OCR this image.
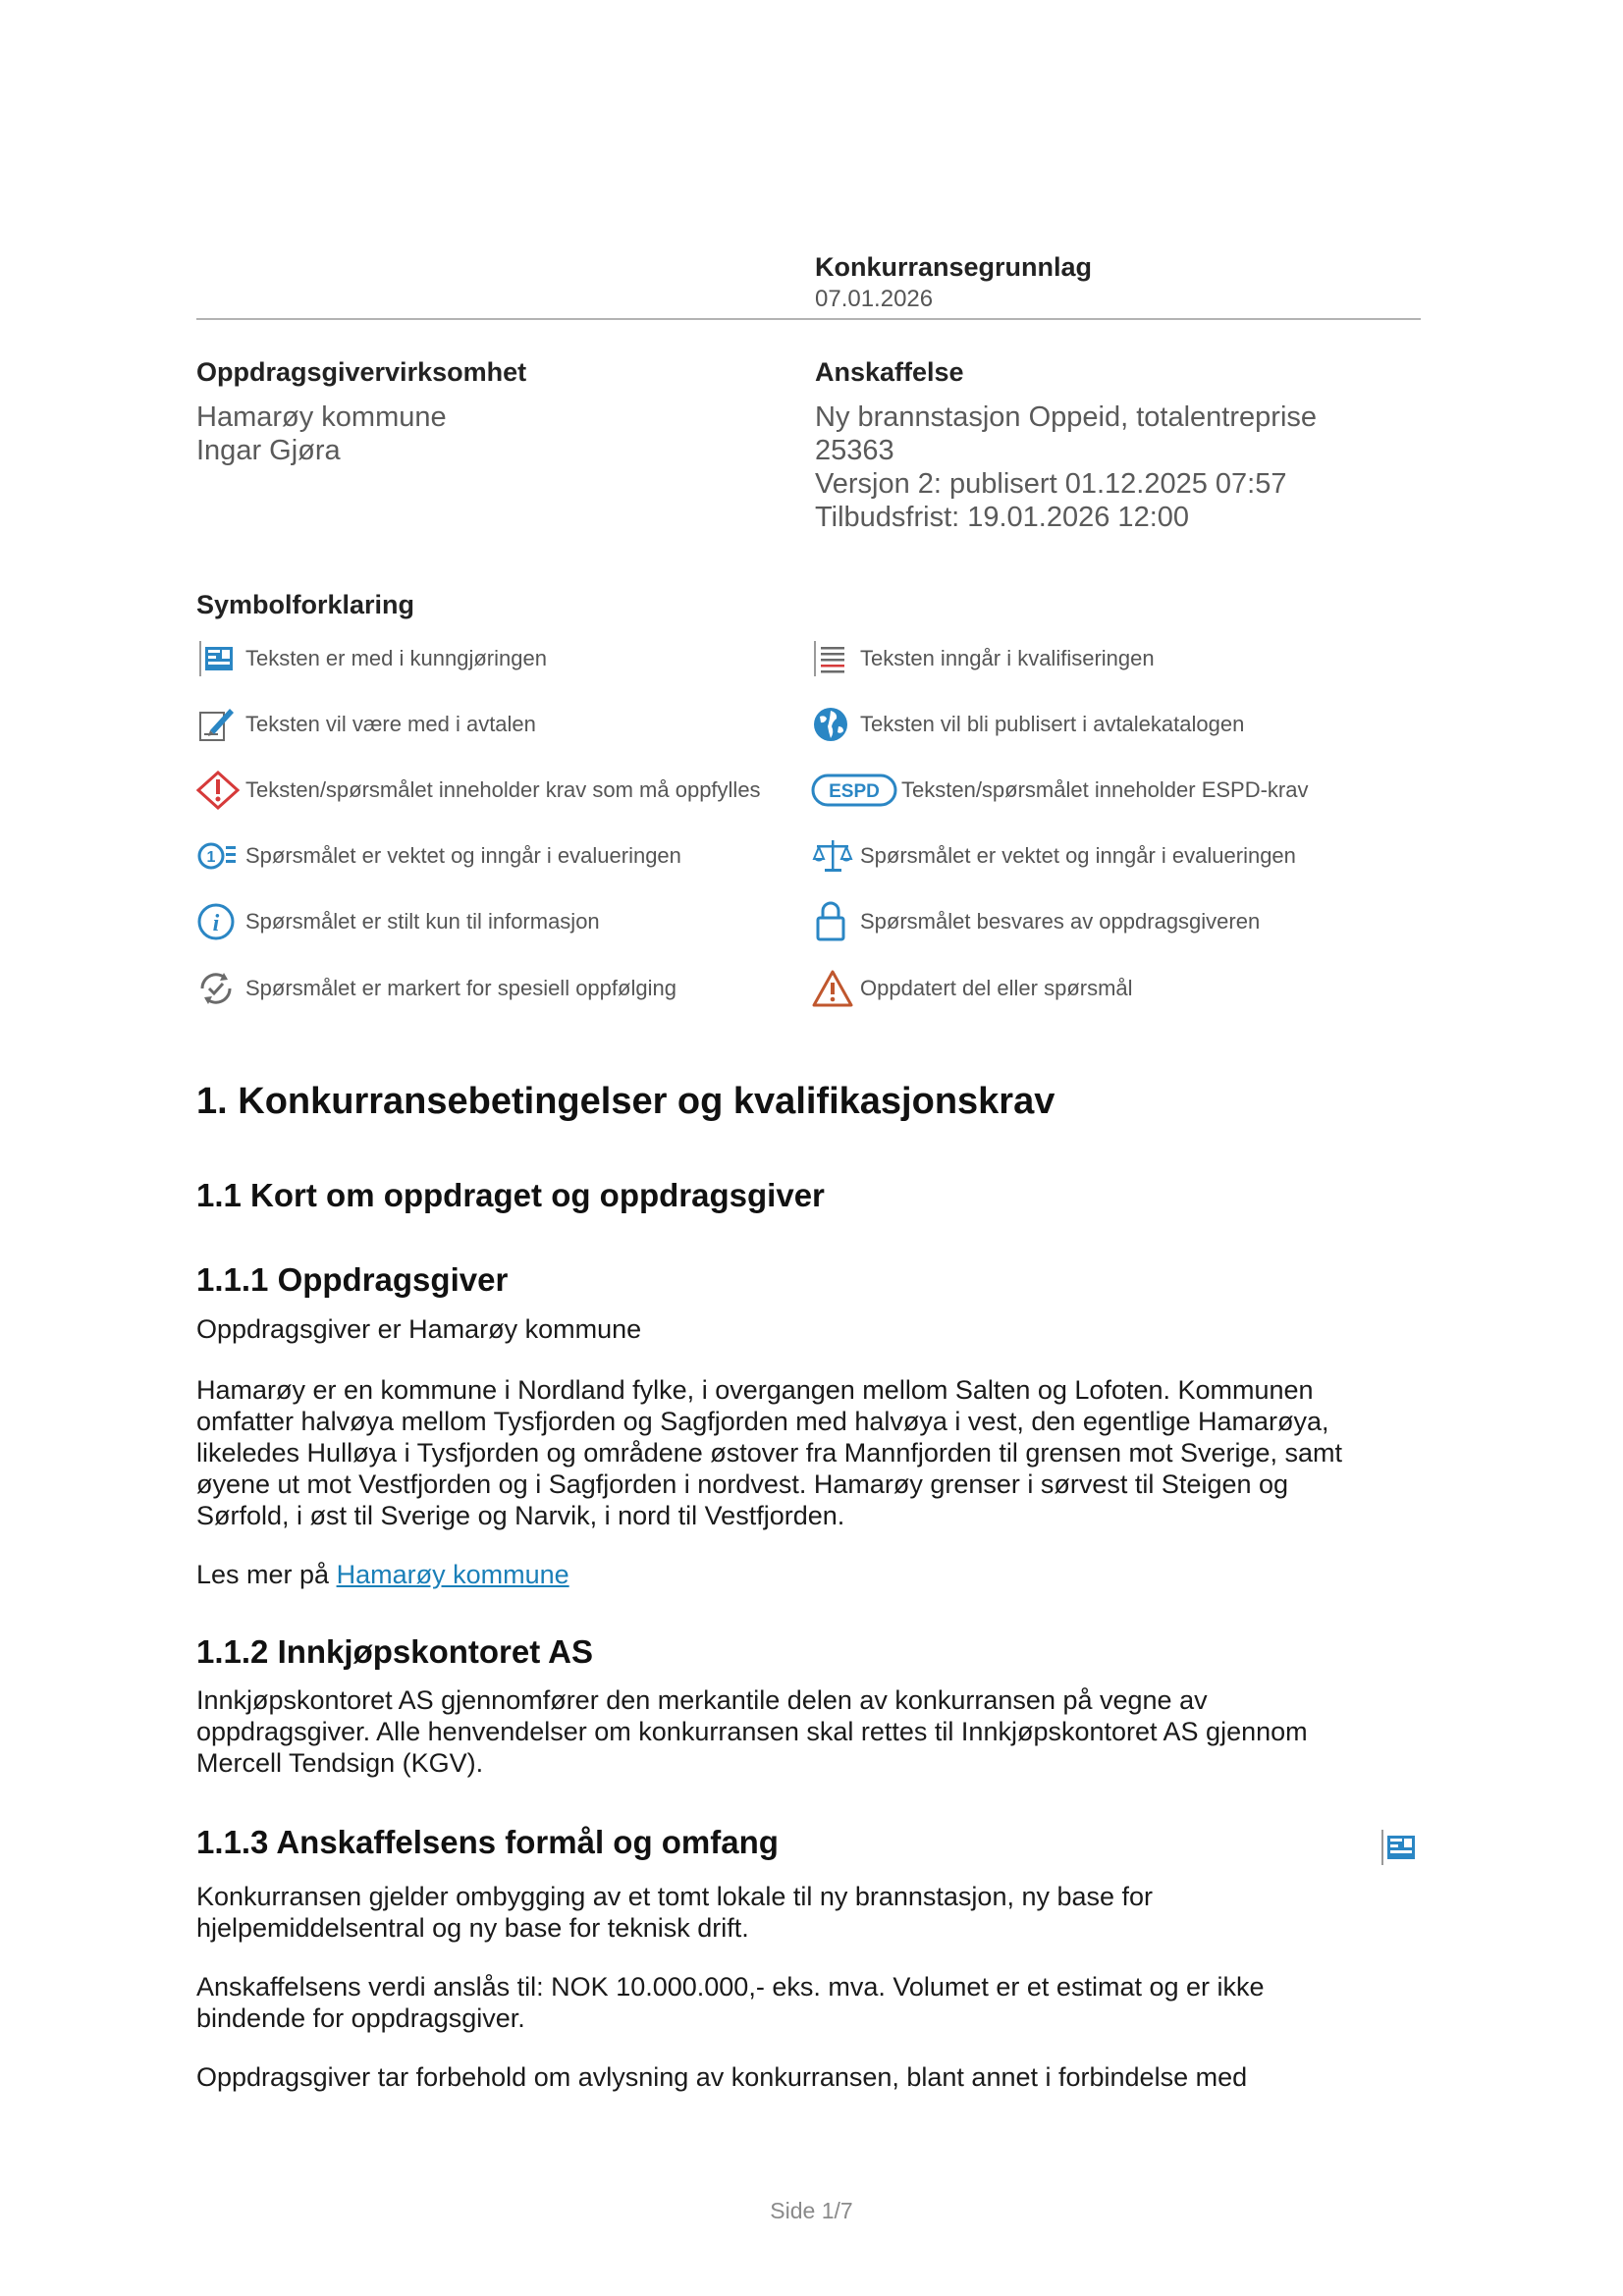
Konkurransegrunnlag
07.01.2026
Oppdragsgivervirksomhet
Hamarøy kommune
Ingar Gjøra
Anskaffelse
Ny brannstasjon Oppeid, totalentreprise
25363
Versjon 2: publisert 01.12.2025 07:57
Tilbudsfrist: 19.01.2026 12:00
Symbolforklaring
Teksten er med i kunngjøringen
Teksten vil være med i avtalen
Teksten/spørsmålet inneholder krav som må oppfylles
1 Spørsmålet er vektet og inngår i evalueringen
i Spørsmålet er stilt kun til informasjon
Spørsmålet er markert for spesiell oppfølging
Teksten inngår i kvalifiseringen
Teksten vil bli publisert i avtalekatalogen
ESPD Teksten/spørsmålet inneholder ESPD-krav
Spørsmålet er vektet og inngår i evalueringen
Spørsmålet besvares av oppdragsgiveren
Oppdatert del eller spørsmål
1. Konkurransebetingelser og kvalifikasjonskrav
1.1 Kort om oppdraget og oppdragsgiver
1.1.1 Oppdragsgiver
Oppdragsgiver er Hamarøy kommune
Hamarøy er en kommune i Nordland fylke, i overgangen mellom Salten og Lofoten. Kommunen
omfatter halvøya mellom Tysfjorden og Sagfjorden med halvøya i vest, den egentlige Hamarøya,
likeledes Hulløya i Tysfjorden og områdene østover fra Mannfjorden til grensen mot Sverige, samt
øyene ut mot Vestfjorden og i Sagfjorden i nordvest. Hamarøy grenser i sørvest til Steigen og
Sørfold, i øst til Sverige og Narvik, i nord til Vestfjorden.
Les mer på Hamarøy kommune
1.1.2 Innkjøpskontoret AS
Innkjøpskontoret AS gjennomfører den merkantile delen av konkurransen på vegne av
oppdragsgiver. Alle henvendelser om konkurransen skal rettes til Innkjøpskontoret AS gjennom
Mercell Tendsign (KGV).
1.1.3 Anskaffelsens formål og omfang
Konkurransen gjelder ombygging av et tomt lokale til ny brannstasjon, ny base for
hjelpemiddelsentral og ny base for teknisk drift.
Anskaffelsens verdi anslås til: NOK 10.000.000,- eks. mva. Volumet er et estimat og er ikke
bindende for oppdragsgiver.
Oppdragsgiver tar forbehold om avlysning av konkurransen, blant annet i forbindelse med
Side 1/7
